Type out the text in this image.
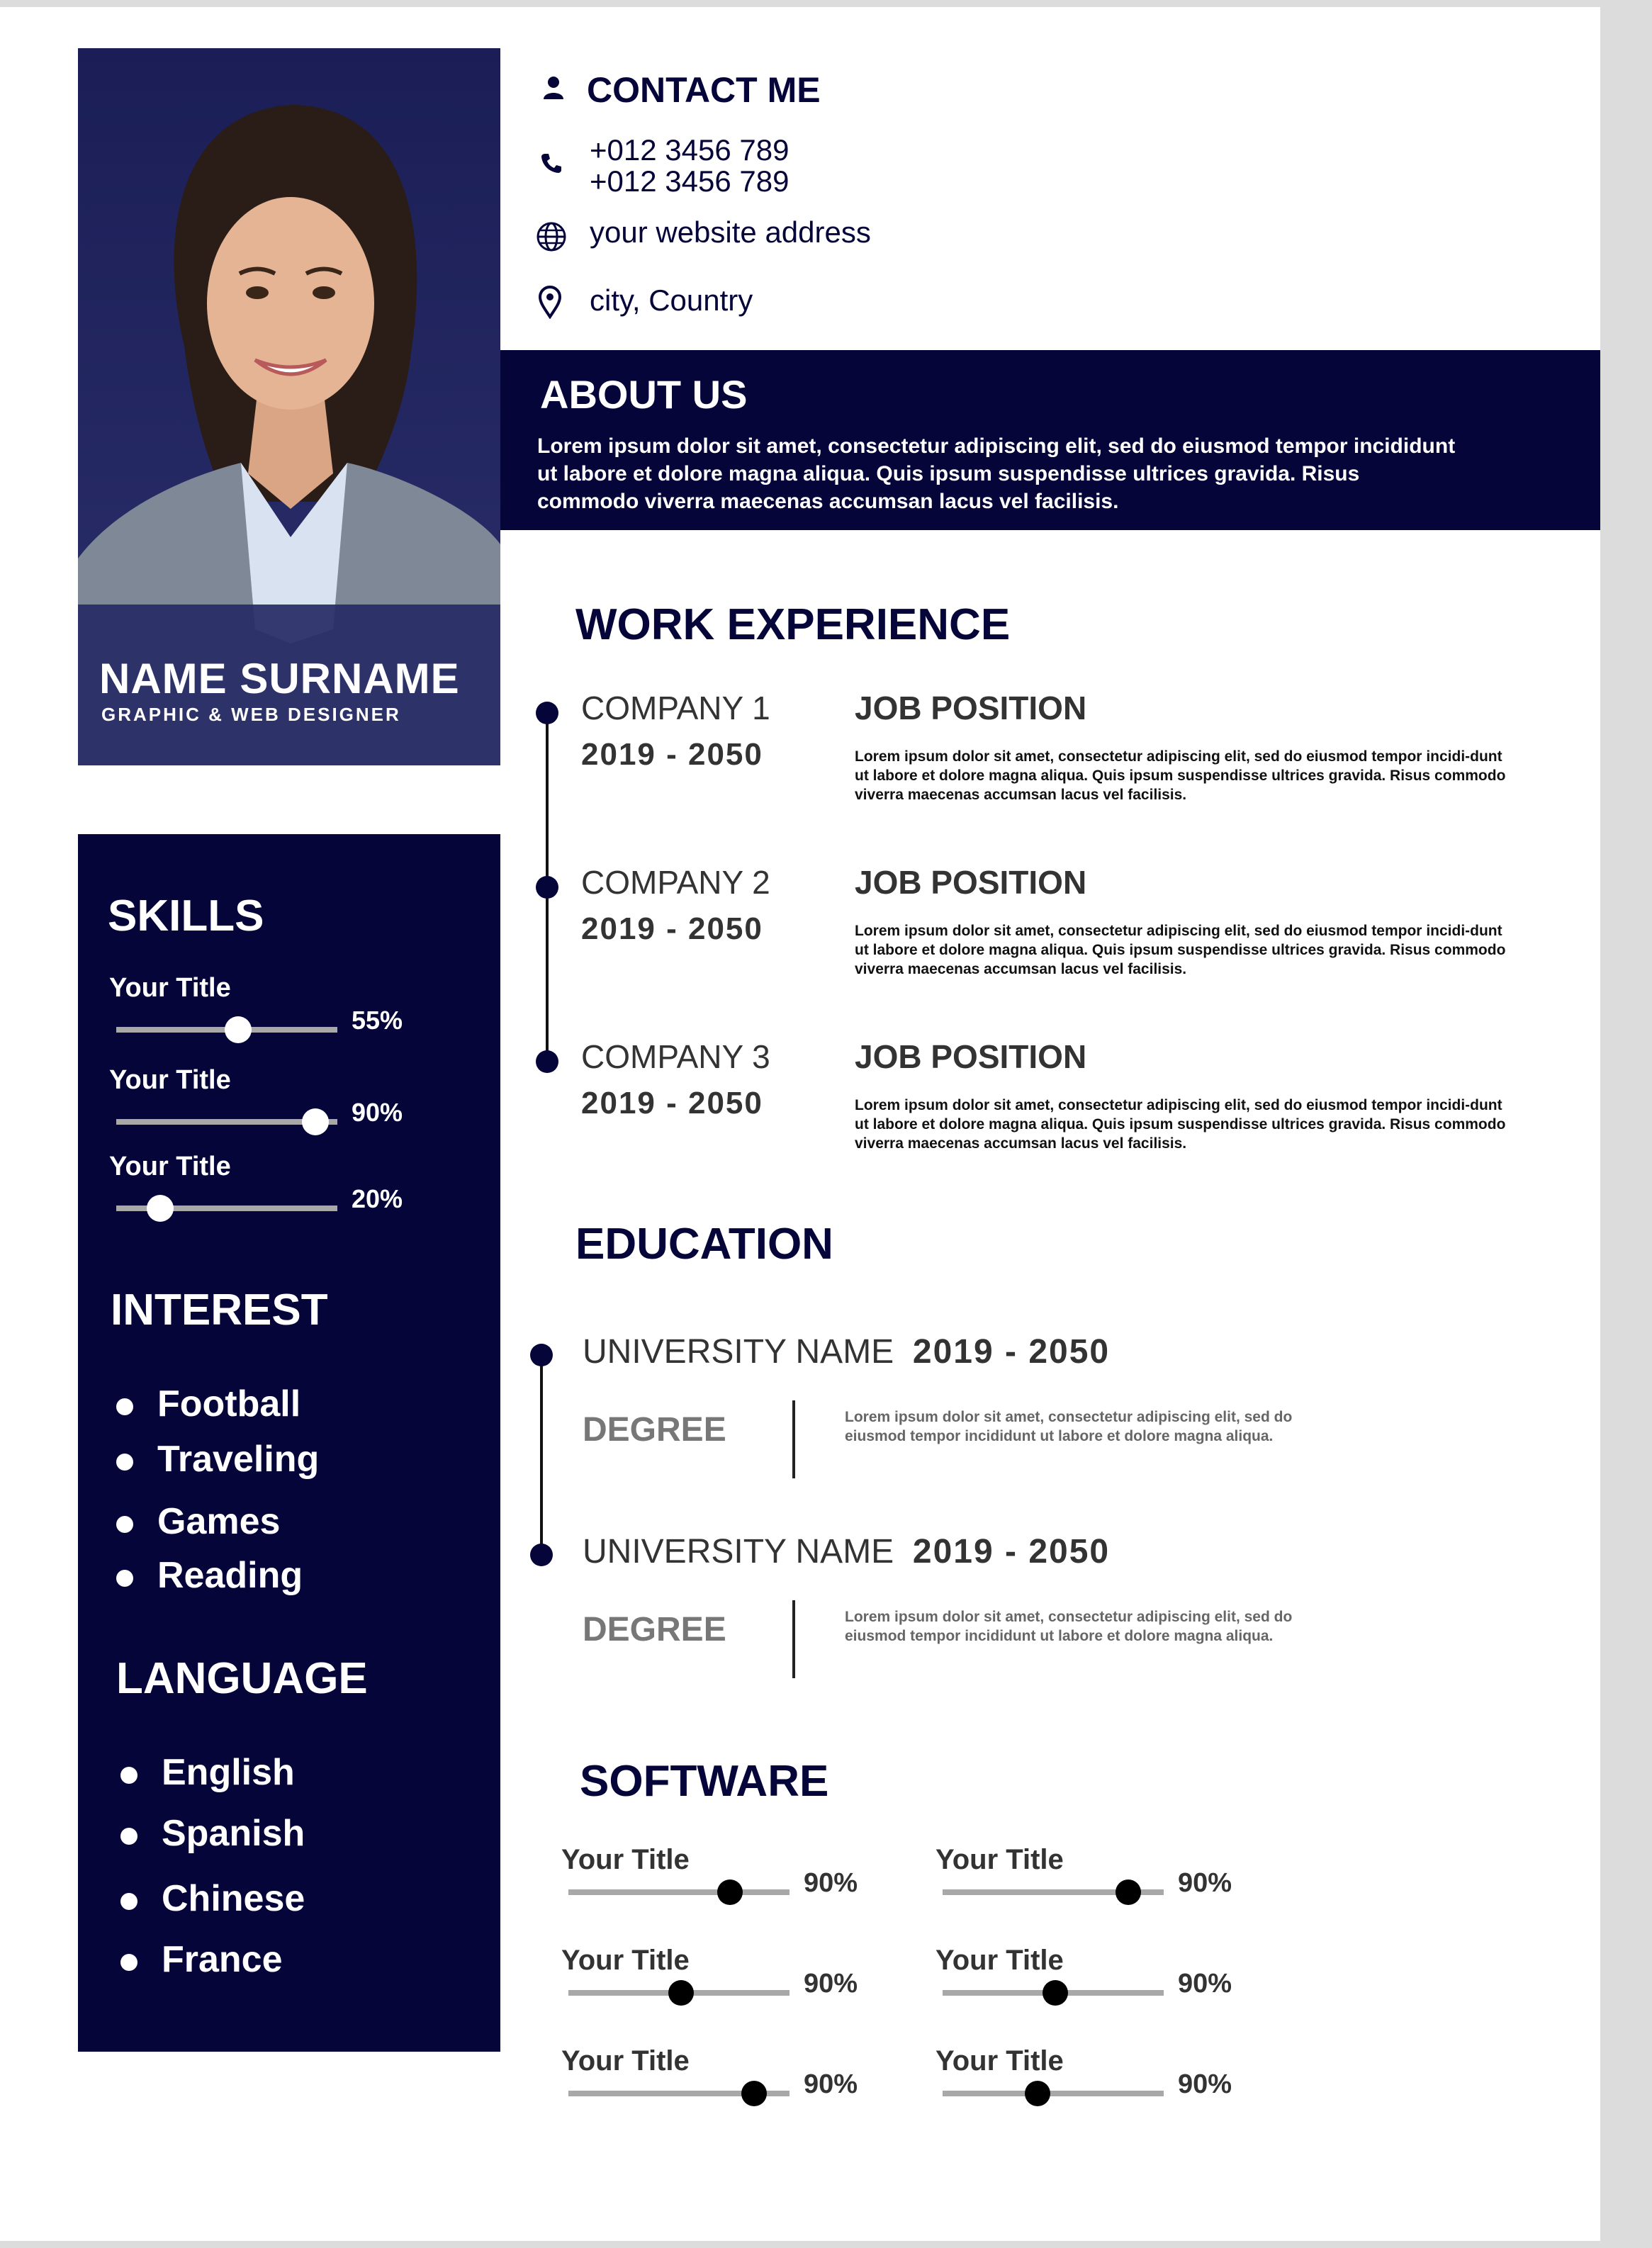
NAME SURNAME
GRAPHIC & WEB DESIGNER
CONTACT ME
+012 3456 789
+012 3456 789
your website address
city, Country
ABOUT US
Lorem ipsum dolor sit amet, consectetur adipiscing elit, sed do eiusmod tempor incididunt ut labore et dolore magna aliqua. Quis ipsum suspendisse ultrices gravida. Risus commodo viverra maecenas accumsan lacus vel facilisis.
SKILLS
Your Title
55%
Your Title
90%
Your Title
20%
INTEREST
Football
Traveling
Games
Reading
LANGUAGE
English
Spanish
Chinese
France
WORK EXPERIENCE
COMPANY 1
2019 - 2050
JOB POSITION
Lorem ipsum dolor sit amet, consectetur adipiscing elit, sed do eiusmod tempor incidi-dunt ut labore et dolore magna aliqua. Quis ipsum suspendisse ultrices gravida. Risus commodo viverra maecenas accumsan lacus vel facilisis.
COMPANY 2
2019 - 2050
JOB POSITION
Lorem ipsum dolor sit amet, consectetur adipiscing elit, sed do eiusmod tempor incidi-dunt ut labore et dolore magna aliqua. Quis ipsum suspendisse ultrices gravida. Risus commodo viverra maecenas accumsan lacus vel facilisis.
COMPANY 3
2019 - 2050
JOB POSITION
Lorem ipsum dolor sit amet, consectetur adipiscing elit, sed do eiusmod tempor incidi-dunt ut labore et dolore magna aliqua. Quis ipsum suspendisse ultrices gravida. Risus commodo viverra maecenas accumsan lacus vel facilisis.
EDUCATION
UNIVERSITY NAME 2019 - 2050
DEGREE	Lorem ipsum dolor sit amet, consectetur adipiscing elit, sed do eiusmod tempor incididunt ut labore et dolore magna aliqua.
UNIVERSITY NAME 2019 - 2050
DEGREE	Lorem ipsum dolor sit amet, consectetur adipiscing elit, sed do eiusmod tempor incididunt ut labore et dolore magna aliqua.
SOFTWARE
Your Title
90%
Your Title
90%
Your Title
90%
Your Title
90%
Your Title
90%
Your Title
90%
